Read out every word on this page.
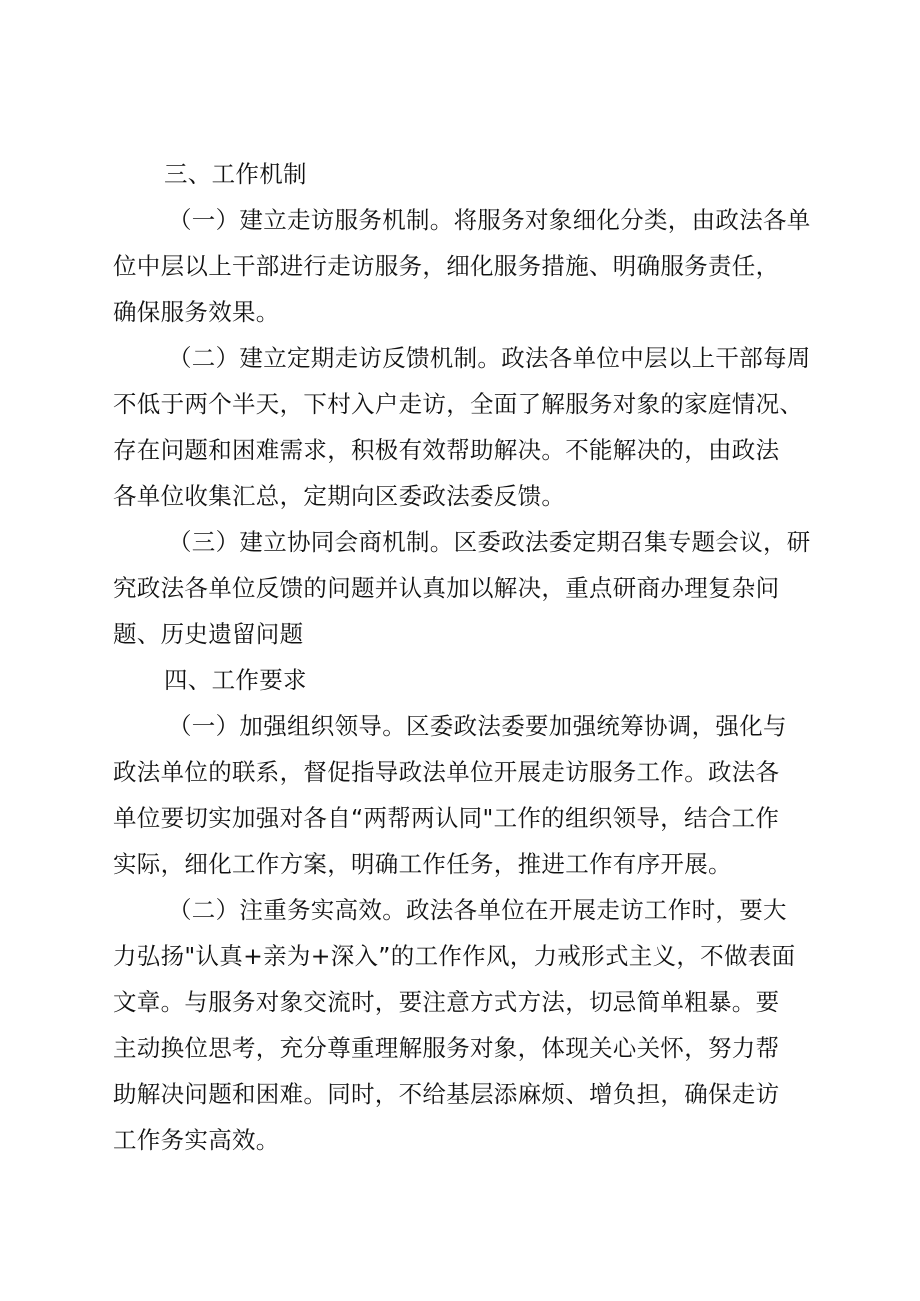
三、工作机制
（一）建立走访服务机制。将服务对象细化分类，由政法各单
位中层以上干部进行走访服务，细化服务措施、明确服务责任，
确保服务效果。
（二）建立定期走访反馈机制。政法各单位中层以上干部每周
不低于两个半天，下村入户走访，全面了解服务对象的家庭情况、
存在问题和困难需求，积极有效帮助解决。不能解决的，由政法
各单位收集汇总，定期向区委政法委反馈。
（三）建立协同会商机制。区委政法委定期召集专题会议，研
究政法各单位反馈的问题并认真加以解决，重点研商办理复杂问
题、历史遗留问题
四、工作要求
（一）加强组织领导。区委政法委要加强统筹协调，强化与
政法单位的联系，督促指导政法单位开展走访服务工作。政法各
单位要切实加强对各自“两帮两认同"工作的组织领导，结合工作
实际，细化工作方案，明确工作任务，推进工作有序开展。
（二）注重务实高效。政法各单位在开展走访工作时，要大
力弘扬"认真+亲为+深入”的工作作风，力戒形式主义，不做表面
文章。与服务对象交流时，要注意方式方法，切忌简单粗暴。要
主动换位思考，充分尊重理解服务对象，体现关心关怀，努力帮
助解决问题和困难。同时，不给基层添麻烦、增负担，确保走访
工作务实高效。
